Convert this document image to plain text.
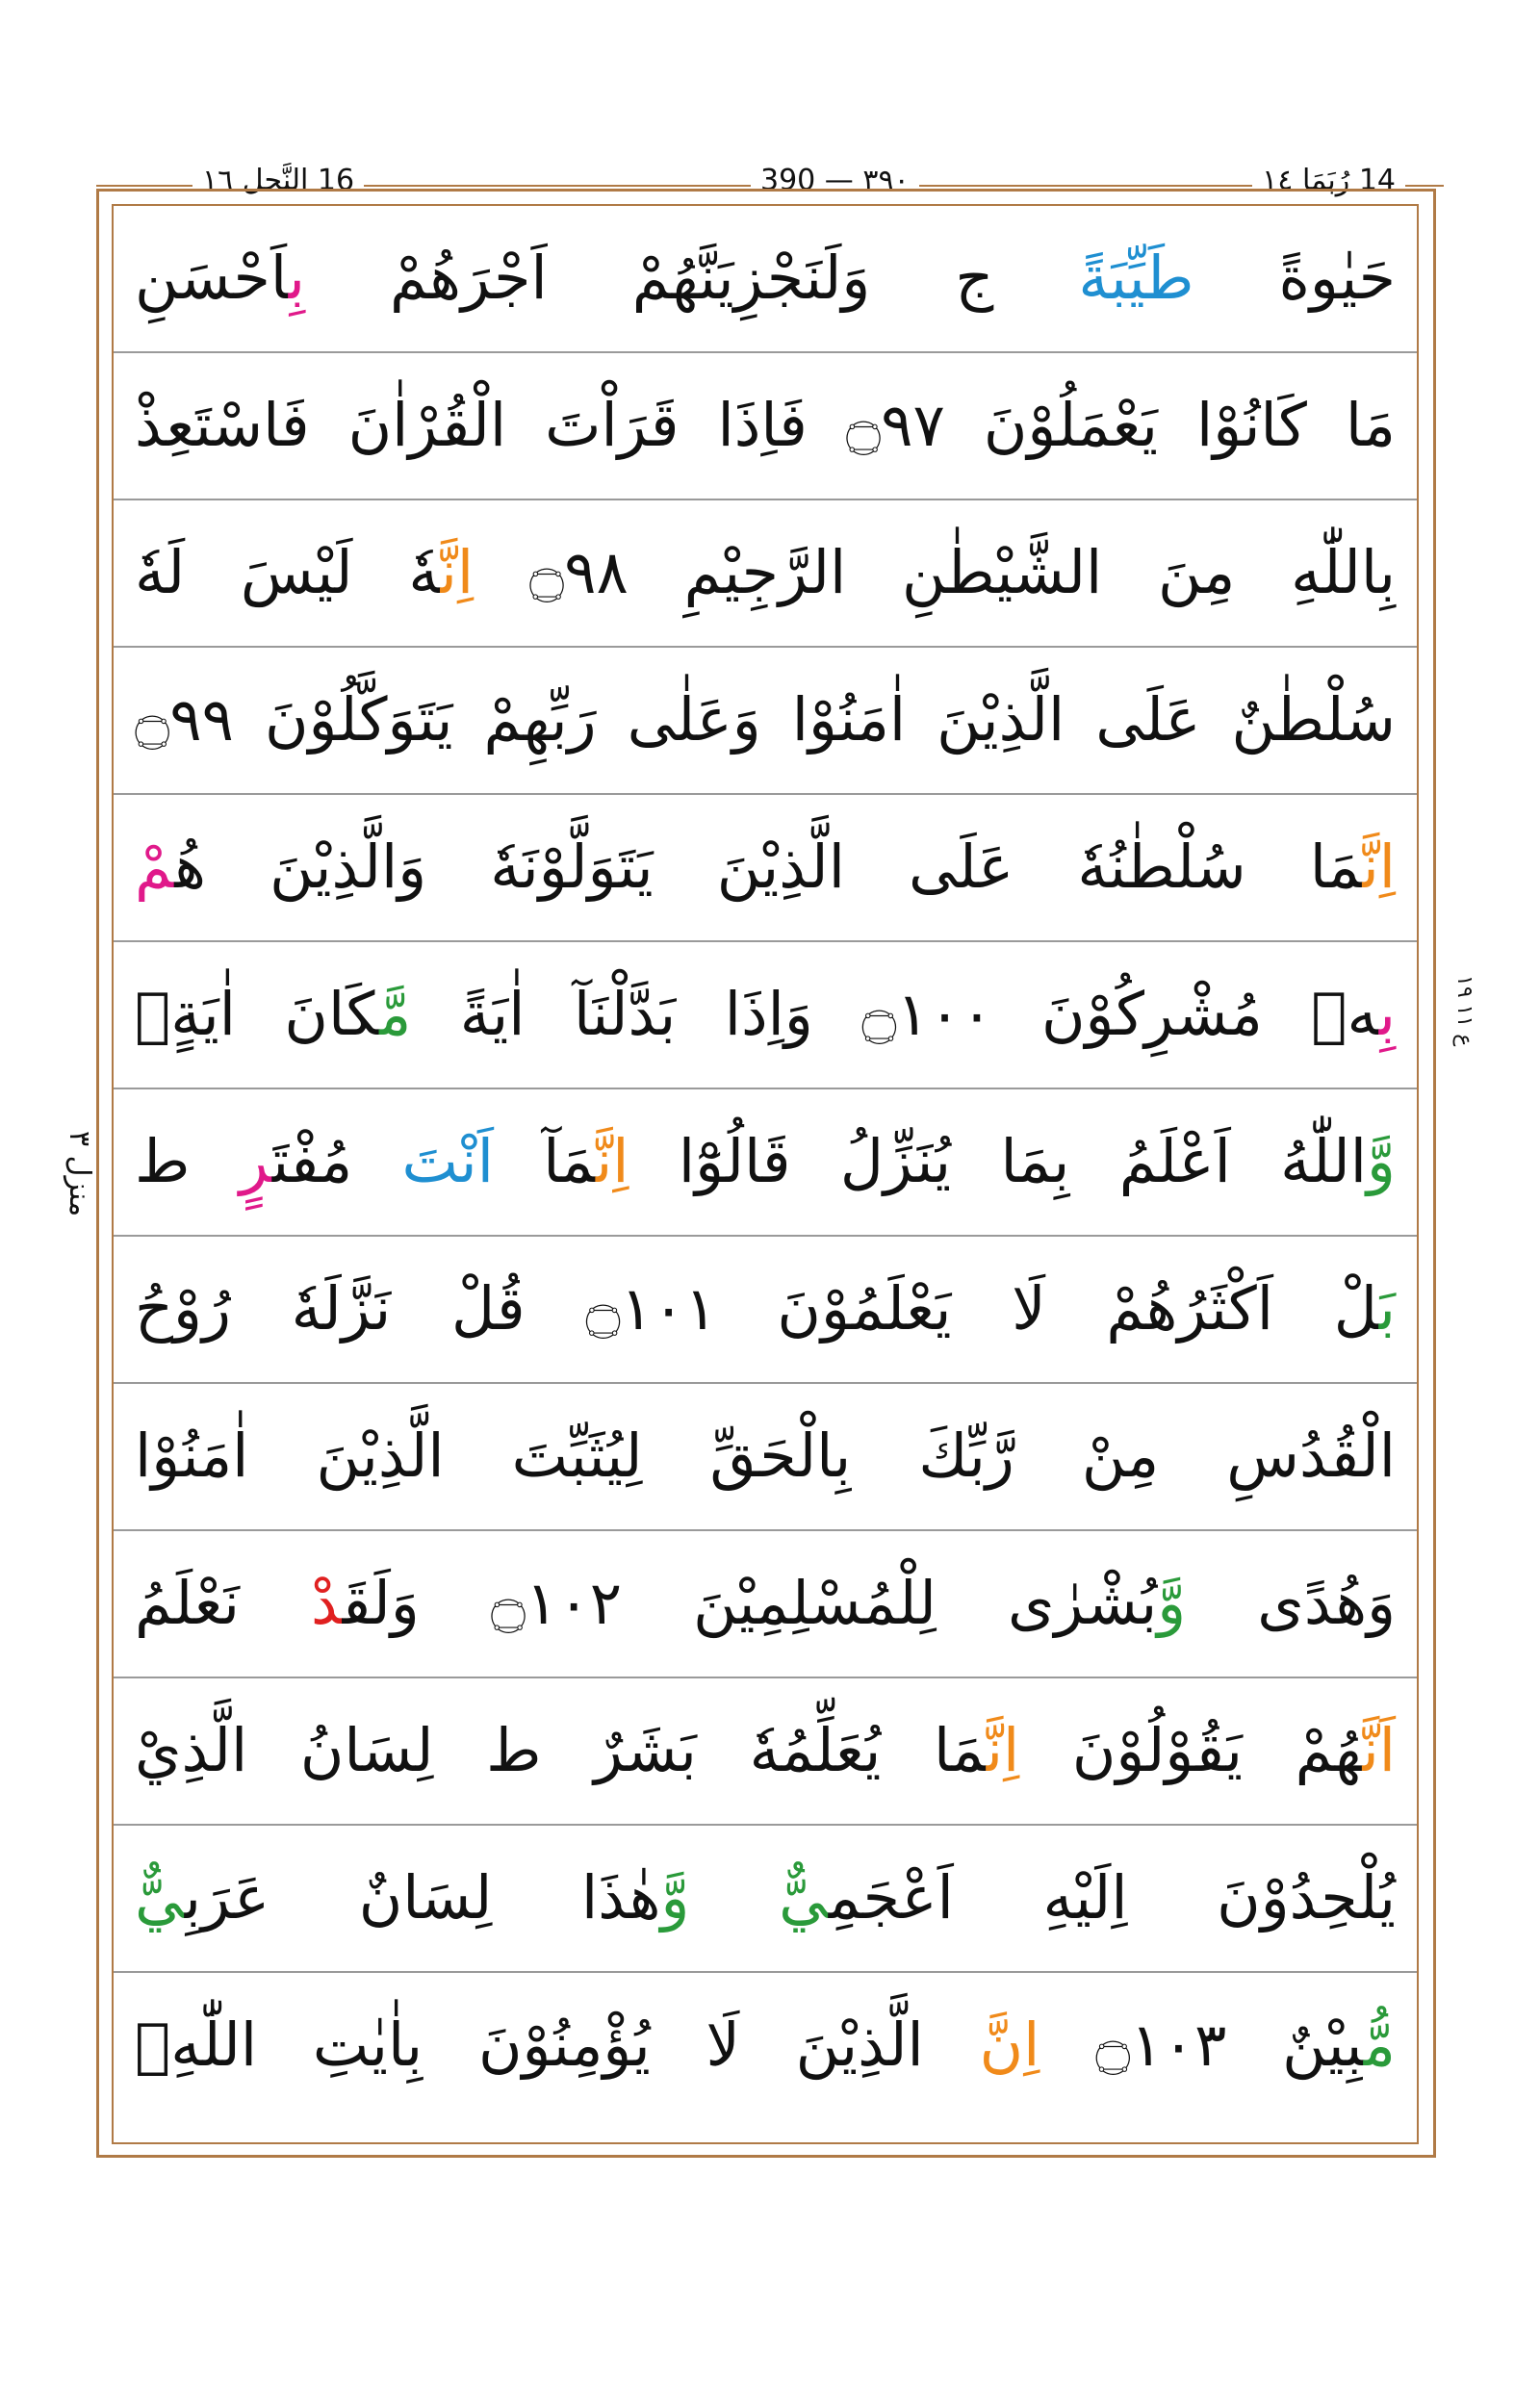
14 رُبَمَا ١٤
٣٩٠ — 390
16 النَّحل ١٦
حَيٰوةً طَيِّبَةً ج وَلَنَجْزِيَنَّهُمْ اَجْرَهُمْ بِاَحْسَنِ
مَا كَانُوْا يَعْمَلُوْنَ ۝٩٧ فَاِذَا قَرَاْتَ الْقُرْاٰنَ فَاسْتَعِذْ
بِاللّٰهِ مِنَ الشَّيْطٰنِ الرَّجِيْمِ ۝٩٨ اِنَّهٗ لَيْسَ لَهٗ
سُلْطٰنٌ عَلَى الَّذِيْنَ اٰمَنُوْا وَعَلٰى رَبِّهِمْ يَتَوَكَّلُوْنَ ۝٩٩
اِنَّمَا سُلْطٰنُهٗ عَلَى الَّذِيْنَ يَتَوَلَّوْنَهٗ وَالَّذِيْنَ هُمْ
بِهٖ مُشْرِكُوْنَ ۝١٠٠ وَاِذَا بَدَّلْنَآ اٰيَةً مَّكَانَ اٰيَةٍ
وَّاللّٰهُ اَعْلَمُ بِمَا يُنَزِّلُ قَالُوْٓا اِنَّمَآ اَنْتَ مُفْتَرٍ ط
بَلْ اَكْثَرُهُمْ لَا يَعْلَمُوْنَ ۝١٠١ قُلْ نَزَّلَهٗ رُوْحُ
الْقُدُسِ مِنْ رَّبِّكَ بِالْحَقِّ لِيُثَبِّتَ الَّذِيْنَ اٰمَنُوْا
وَهُدًى وَّبُشْرٰى لِلْمُسْلِمِيْنَ ۝١٠٢ وَلَقَدْ نَعْلَمُ
اَنَّهُمْ يَقُوْلُوْنَ اِنَّمَا يُعَلِّمُهٗ بَشَرٌ ط لِسَانُ الَّذِيْ
يُلْحِدُوْنَ اِلَيْهِ اَعْجَمِيٌّ وَّهٰذَا لِسَانٌ عَرَبِيٌّ
مُّبِيْنٌ ۝١٠٣ اِنَّ الَّذِيْنَ لَا يُؤْمِنُوْنَ بِاٰيٰتِ اللّٰهِ
منزل ٣
ع ١١ ١٩
